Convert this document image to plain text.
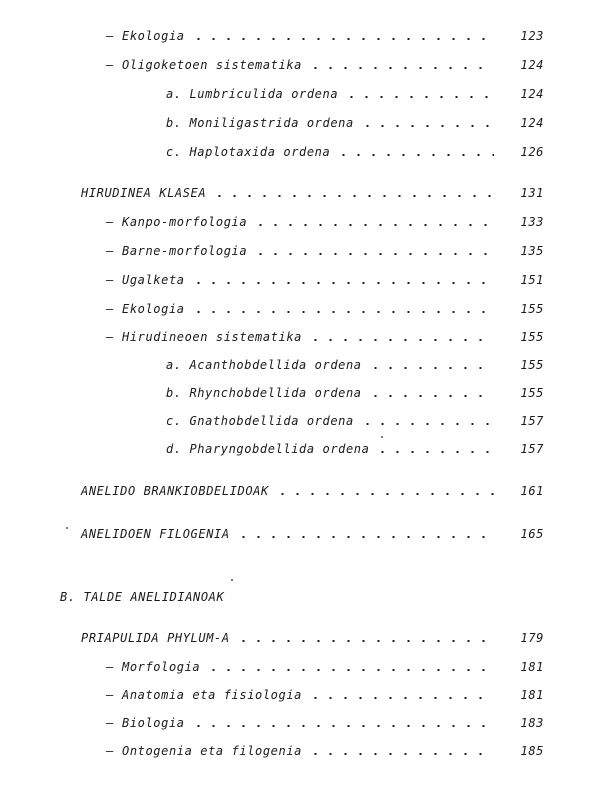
– Ekologia	123
– Oligoketoen sistematika	124
a. Lumbriculida ordena	124
b. Moniligastrida ordena	124
c. Haplotaxida ordena	126
HIRUDINEA KLASEA	131
– Kanpo-morfologia	133
– Barne-morfologia	135
– Ugalketa	151
– Ekologia	155
– Hirudineoen sistematika	155
a. Acanthobdellida ordena	155
b. Rhynchobdellida ordena	155
c. Gnathobdellida ordena	157
d. Pharyngobdellida ordena	157
ANELIDO BRANKIOBDELIDOAK	161
ANELIDOEN FILOGENIA	165
B. TALDE ANELIDIANOAK
PRIAPULIDA PHYLUM-A	179
– Morfologia	181
– Anatomia eta fisiologia	181
– Biologia	183
– Ontogenia eta filogenia	185
